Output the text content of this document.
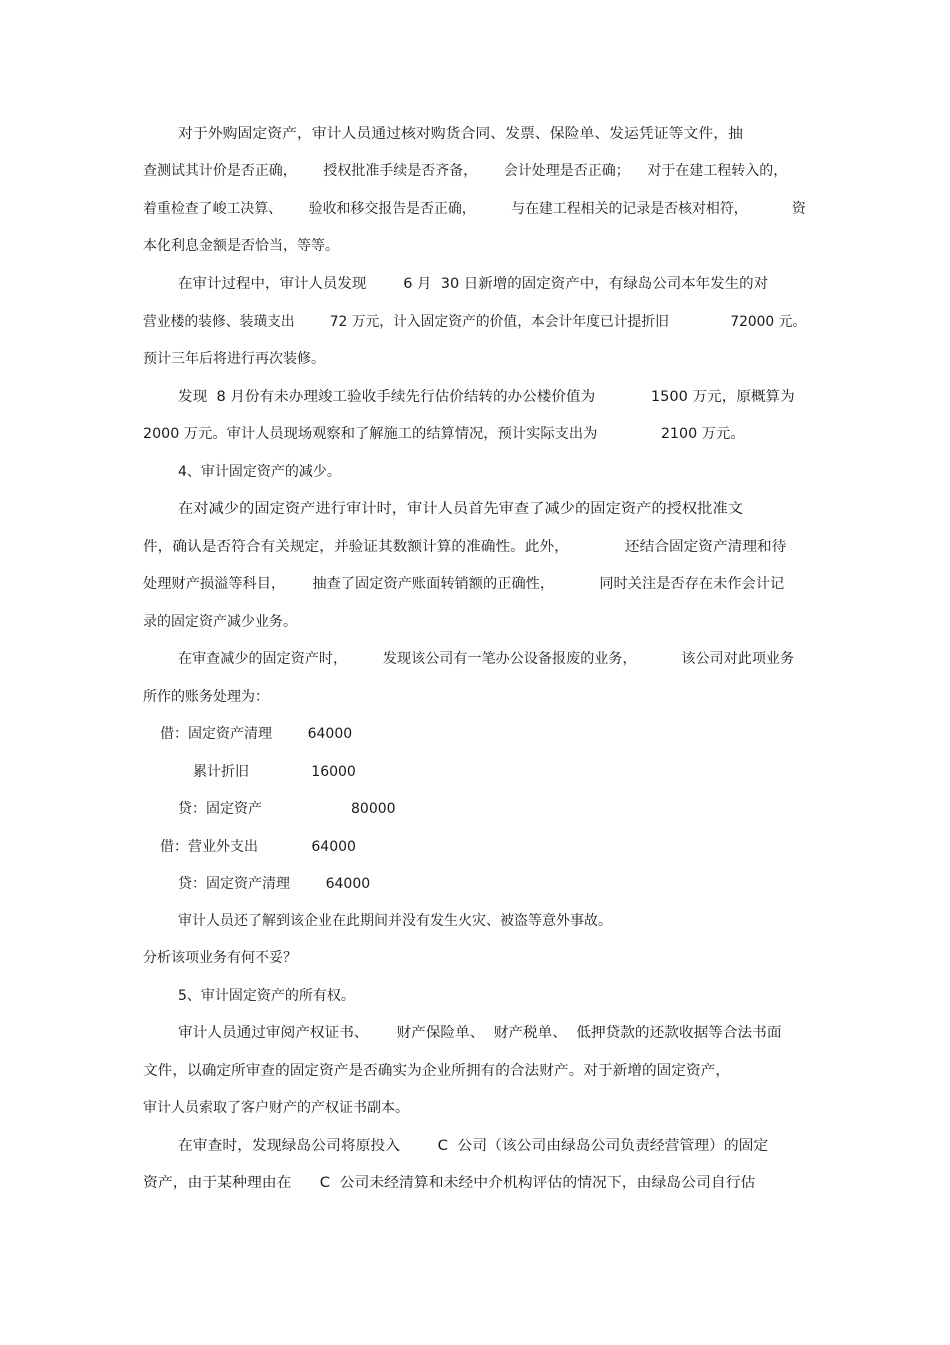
对于外购固定资产，审计人员通过核对购货合同、发票、保险单、发运凭证等文件，抽
查测试其计价是否正确，      授权批准手续是否齐备，      会计处理是否正确；    对于在建工程转入的，
着重检查了峻工决算、      验收和移交报告是否正确，        与在建工程相关的记录是否核对相符，          资
本化利息金额是否恰当，等等。
在审计过程中，审计人员发现        6 月  30 日新增的固定资产中，有绿岛公司本年发生的对
营业楼的装修、装璜支出        72 万元，计入固定资产的价值，本会计年度已计提折旧              72000 元。
预计三年后将进行再次装修。
发现  8 月份有未办理竣工验收手续先行估价结转的办公楼价值为            1500 万元，原概算为
2000 万元。审计人员现场观察和了解施工的结算情况，预计实际支出为              2100 万元。
4、审计固定资产的减少。
在对减少的固定资产进行审计时，审计人员首先审查了减少的固定资产的授权批准文
件，确认是否符合有关规定，并验证其数额计算的准确性。此外，            还结合固定资产清理和待
处理财产损溢等科目，      抽查了固定资产账面转销额的正确性，          同时关注是否存在未作会计记
录的固定资产减少业务。
在审查减少的固定资产时，        发现该公司有一笔办公设备报废的业务，          该公司对此项业务
所作的账务处理为：
借：固定资产清理        64000
累计折旧              16000
贷：固定资产                    80000
借：营业外支出            64000
贷：固定资产清理        64000
审计人员还了解到该企业在此期间并没有发生火灾、被盗等意外事故。
分析该项业务有何不妥？
5、审计固定资产的所有权。
审计人员通过审阅产权证书、      财产保险单、  财产税单、  低押贷款的还款收据等合法书面
文件，以确定所审查的固定资产是否确实为企业所拥有的合法财产。对于新增的固定资产，
审计人员索取了客户财产的产权证书副本。
在审查时，发现绿岛公司将原投入        C  公司（该公司由绿岛公司负责经营管理）的固定
资产，由于某种理由在      C  公司未经清算和未经中介机构评估的情况下，由绿岛公司自行估
